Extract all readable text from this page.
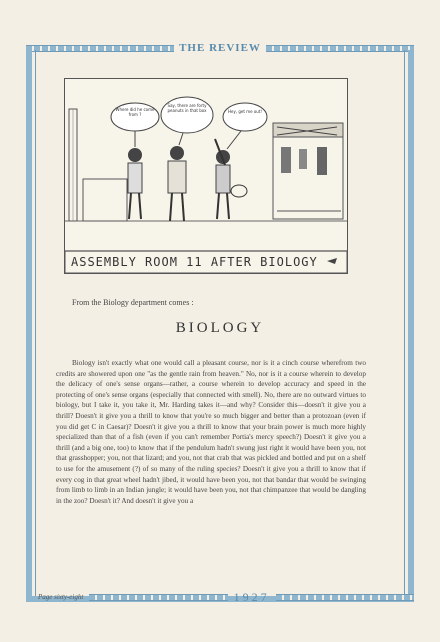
THE REVIEW
Where did he come from ?
Say, there are forty peanuts in that box	Hey, get me out!
ASSEMBLY ROOM 11 AFTER BIOLOGY
From the Biology department comes :
BIOLOGY

Biology isn't exactly what one would call a pleasant course, nor is it a cinch course wherefrom two credits are showered upon one "as the gentle rain from heaven." No, nor is it a course wherein to develop the delicacy of one's sense organs—rather, a course wherein to develop accuracy and speed in the protecting of one's sense organs (especially that connected with smell). No, there are no outward virtues to biology, but I take it, you take it, Mr. Harding takes it—and why? Consider this—doesn't it give you a thrill? Doesn't it give you a thrill to know that you're so much bigger and better than a protozoan (even if you did get C in Caesar)? Doesn't it give you a thrill to know that your brain power is much more highly specialized than that of a fish (even if you can't remember Portia's mercy speech?) Doesn't it give you a thrill (and a big one, too) to know that if the pendulum hadn't swung just right it would have been you, not that grasshopper; you, not that lizard; and you, not that crab that was pickled and bottled and put on a shelf to use for the amusement (?) of so many of the ruling species? Doesn't it give you a thrill to know that if every cog in that great wheel hadn't jibed, it would have been you, not that bandar that would be swinging from limb to limb in an Indian jungle; it would have been you, not that chimpanzee that would be dangling in the zoo? Doesn't it? And doesn't it give you a

Page sixty-eight	1927
